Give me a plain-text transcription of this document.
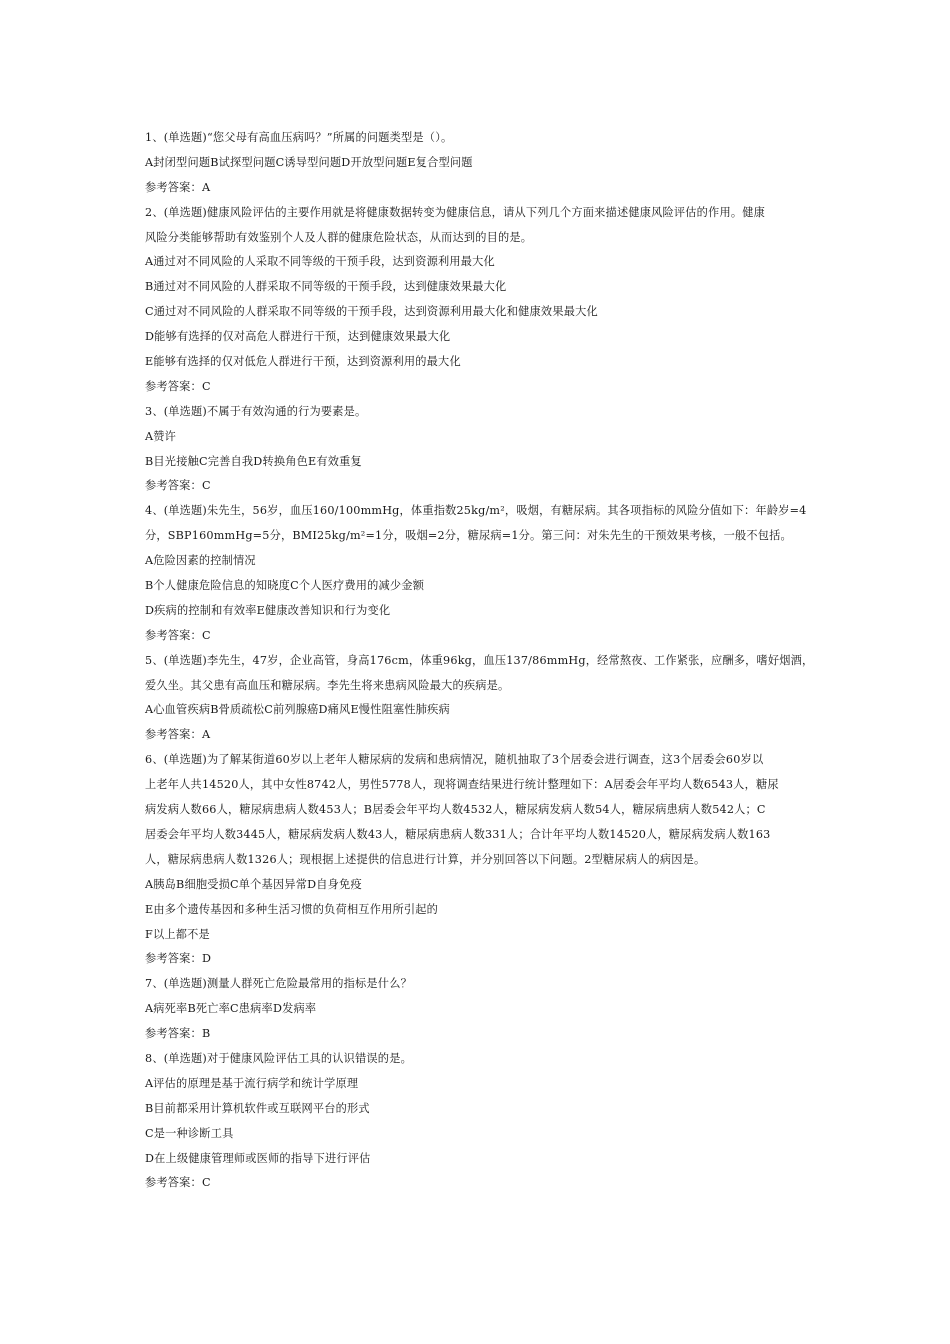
1、(单选题)“您父母有高血压病吗？”所属的问题类型是（）。
A封闭型问题B试探型问题C诱导型问题D开放型问题E复合型问题
参考答案：A
2、(单选题)健康风险评估的主要作用就是将健康数据转变为健康信息，请从下列几个方面来描述健康风险评估的作用。健康
风险分类能够帮助有效鉴别个人及人群的健康危险状态，从而达到的目的是。
A通过对不同风险的人采取不同等级的干预手段，达到资源利用最大化
B通过对不同风险的人群采取不同等级的干预手段，达到健康效果最大化
C通过对不同风险的人群采取不同等级的干预手段，达到资源利用最大化和健康效果最大化
D能够有选择的仅对高危人群进行干预，达到健康效果最大化
E能够有选择的仅对低危人群进行干预，达到资源利用的最大化
参考答案：C
3、(单选题)不属于有效沟通的行为要素是。
A赞许
B目光接触C完善自我D转换角色E有效重复
参考答案：C
4、(单选题)朱先生，56岁，血压160/100mmHg，体重指数25kg/m²，吸烟，有糖尿病。其各项指标的风险分值如下：年龄岁=4
分，SBP160mmHg=5分，BMI25kg/m²=1分，吸烟=2分，糖尿病=1分。第三问：对朱先生的干预效果考核，一般不包括。
A危险因素的控制情况
B个人健康危险信息的知晓度C个人医疗费用的减少金额
D疾病的控制和有效率E健康改善知识和行为变化
参考答案：C
5、(单选题)李先生，47岁，企业高管，身高176cm，体重96kg，血压137/86mmHg，经常熬夜、工作紧张，应酬多，嗜好烟酒，
爱久坐。其父患有高血压和糖尿病。李先生将来患病风险最大的疾病是。
A心血管疾病B骨质疏松C前列腺癌D痛风E慢性阻塞性肺疾病
参考答案：A
6、(单选题)为了解某街道60岁以上老年人糖尿病的发病和患病情况，随机抽取了3个居委会进行调查，这3个居委会60岁以
上老年人共14520人，其中女性8742人，男性5778人，现将调查结果进行统计整理如下：A居委会年平均人数6543人，糖尿
病发病人数66人，糖尿病患病人数453人；B居委会年平均人数4532人，糖尿病发病人数54人，糖尿病患病人数542人；C
居委会年平均人数3445人，糖尿病发病人数43人，糖尿病患病人数331人；合计年平均人数14520人，糖尿病发病人数163
人，糖尿病患病人数1326人；现根据上述提供的信息进行计算，并分别回答以下问题。2型糖尿病人的病因是。
A胰岛B细胞受损C单个基因异常D自身免疫
E由多个遗传基因和多种生活习惯的负荷相互作用所引起的
F以上都不是
参考答案：D
7、(单选题)测量人群死亡危险最常用的指标是什么？
A病死率B死亡率C患病率D发病率
参考答案：B
8、(单选题)对于健康风险评估工具的认识错误的是。
A评估的原理是基于流行病学和统计学原理
B目前都采用计算机软件或互联网平台的形式
C是一种诊断工具
D在上级健康管理师或医师的指导下进行评估
参考答案：C
